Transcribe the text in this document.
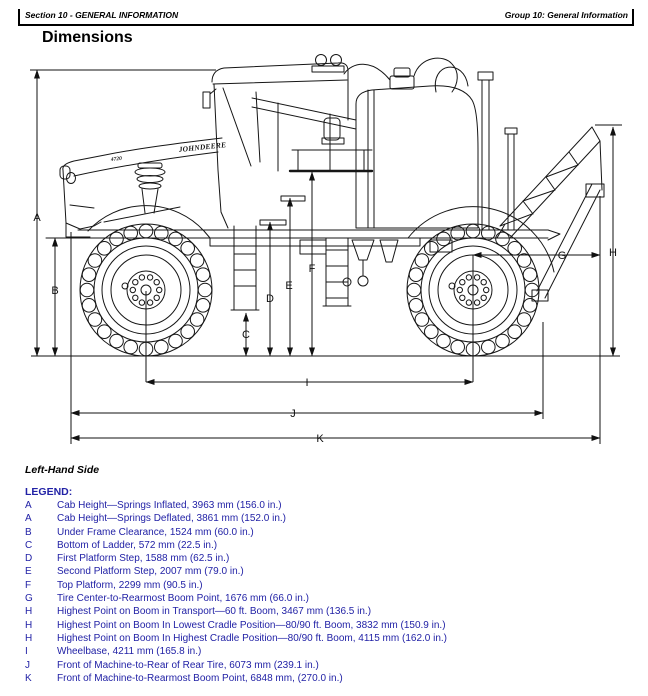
Section 10 - GENERAL INFORMATION	Group 10: General Information
Dimensions
JOHNDEERE
4720
A
B
C
D
E
F
G	H
I
J
K
Left-Hand Side
LEGEND:
A	Cab Height—Springs Inflated, 3963 mm (156.0 in.)
A	Cab Height—Springs Deflated, 3861 mm (152.0 in.)
B	Under Frame Clearance, 1524 mm (60.0 in.)
C	Bottom of Ladder, 572 mm (22.5 in.)
D	First Platform Step, 1588 mm (62.5 in.)
E	Second Platform Step, 2007 mm (79.0 in.)
F	Top Platform, 2299 mm (90.5 in.)
G	Tire Center-to-Rearmost Boom Point, 1676 mm (66.0 in.)
H	Highest Point on Boom in Transport—60 ft. Boom, 3467 mm (136.5 in.)
H	Highest Point on Boom In Lowest Cradle Position—80/90 ft. Boom, 3832 mm (150.9 in.)
H	Highest Point on Boom In Highest Cradle Position—80/90 ft. Boom, 4115 mm (162.0 in.)
I	Wheelbase, 4211 mm (165.8 in.)
J	Front of Machine-to-Rear of Rear Tire, 6073 mm (239.1 in.)
K	Front of Machine-to-Rearmost Boom Point, 6848 mm, (270.0 in.)
